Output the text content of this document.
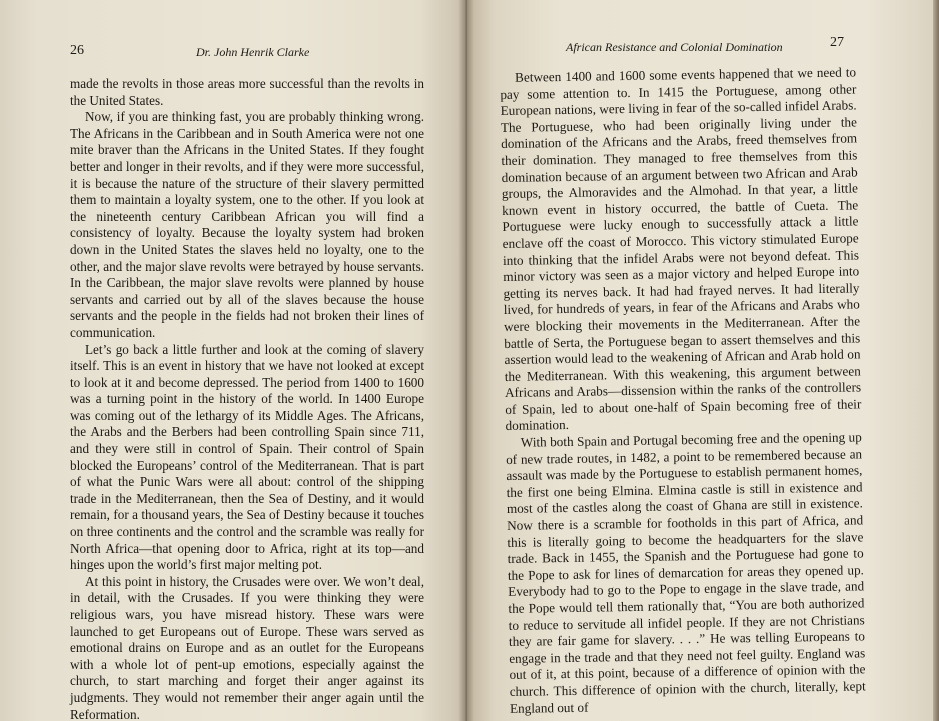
26	Dr. John Henrik Clarke

made the revolts in those areas more successful than the revolts in the United States.

Now, if you are thinking fast, you are probably thinking wrong. The Africans in the Caribbean and in South America were not one mite braver than the Africans in the United States. If they fought better and longer in their revolts, and if they were more successful, it is because the nature of the structure of their slavery permitted them to maintain a loyalty system, one to the other. If you look at the nineteenth century Caribbean African you will find a consistency of loyalty. Because the loyalty system had broken down in the United States the slaves held no loyalty, one to the other, and the major slave revolts were betrayed by house servants. In the Caribbean, the major slave revolts were planned by house servants and carried out by all of the slaves because the house servants and the people in the fields had not broken their lines of communication.

Let’s go back a little further and look at the coming of slavery itself. This is an event in history that we have not looked at except to look at it and become depressed. The period from 1400 to 1600 was a turning point in the history of the world. In 1400 Europe was coming out of the lethargy of its Middle Ages. The Africans, the Arabs and the Berbers had been controlling Spain since 711, and they were still in control of Spain. Their control of Spain blocked the Europeans’ control of the Mediterranean. That is part of what the Punic Wars were all about: control of the shipping trade in the Mediterranean, then the Sea of Destiny, and it would remain, for a thousand years, the Sea of Destiny because it touches on three continents and the control and the scramble was really for North Africa—that opening door to Africa, right at its top—and hinges upon the world’s first major melting pot.

At this point in history, the Crusades were over. We won’t deal, in detail, with the Crusades. If you were thinking they were religious wars, you have misread history. These wars were launched to get Europeans out of Europe. These wars served as emotional drains on Europe and as an outlet for the Europeans with a whole lot of pent-up emotions, especially against the church, to start marching and forget their anger against its judgments. They would not remember their anger again until the Reformation.

African Resistance and Colonial Domination	27

Between 1400 and 1600 some events happened that we need to pay some attention to. In 1415 the Portuguese, among other European nations, were living in fear of the so-called infidel Arabs. The Portuguese, who had been originally living under the domination of the Africans and the Arabs, freed themselves from their domination. They managed to free themselves from this domination because of an argument between two African and Arab groups, the Almoravides and the Almohad. In that year, a little known event in history occurred, the battle of Cueta. The Portuguese were lucky enough to successfully attack a little enclave off the coast of Morocco. This victory stimulated Europe into thinking that the infidel Arabs were not beyond defeat. This minor victory was seen as a major victory and helped Europe into getting its nerves back. It had had frayed nerves. It had literally lived, for hundreds of years, in fear of the Africans and Arabs who were blocking their movements in the Mediterranean. After the battle of Serta, the Portuguese began to assert themselves and this assertion would lead to the weakening of African and Arab hold on the Mediterranean. With this weakening, this argument between Africans and Arabs—dissension within the ranks of the controllers of Spain, led to about one-half of Spain becoming free of their domination.

With both Spain and Portugal becoming free and the opening up of new trade routes, in 1482, a point to be remembered because an assault was made by the Portuguese to establish permanent homes, the first one being Elmina. Elmina castle is still in existence and most of the castles along the coast of Ghana are still in existence. Now there is a scramble for footholds in this part of Africa, and this is literally going to become the headquarters for the slave trade. Back in 1455, the Spanish and the Portuguese had gone to the Pope to ask for lines of demarcation for areas they opened up. Everybody had to go to the Pope to engage in the slave trade, and the Pope would tell them rationally that, “You are both authorized to reduce to servitude all infidel people. If they are not Christians they are fair game for slavery. . . .” He was telling Europeans to engage in the trade and that they need not feel guilty. England was out of it, at this point, because of a difference of opinion with the church. This difference of opinion with the church, literally, kept England out of
